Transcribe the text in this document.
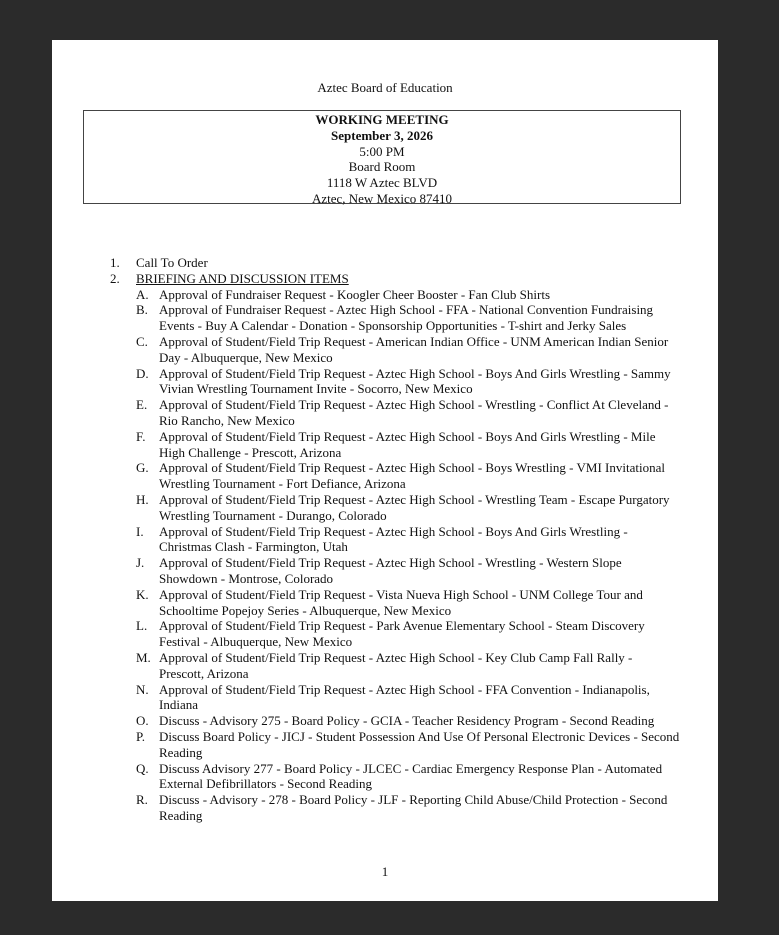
Aztec Board of Education
WORKING MEETING
September 3, 2026
5:00 PM
Board Room
1118 W Aztec BLVD
Aztec, New Mexico 87410
1.	Call To Order
2.	BRIEFING AND DISCUSSION ITEMS
A. Approval of Fundraiser Request - Koogler Cheer Booster - Fan Club Shirts
B. Approval of Fundraiser Request - Aztec High School - FFA - National Convention Fundraising Events - Buy A Calendar - Donation - Sponsorship Opportunities - T-shirt and Jerky Sales
C. Approval of Student/Field Trip Request - American Indian Office - UNM American Indian Senior Day - Albuquerque, New Mexico
D. Approval of Student/Field Trip Request - Aztec High School - Boys And Girls Wrestling - Sammy Vivian Wrestling Tournament Invite - Socorro, New Mexico
E. Approval of Student/Field Trip Request - Aztec High School - Wrestling - Conflict At Cleveland - Rio Rancho, New Mexico
F.	Approval of Student/Field Trip Request - Aztec High School - Boys And Girls Wrestling - Mile High Challenge - Prescott, Arizona
G. Approval of Student/Field Trip Request - Aztec High School - Boys Wrestling - VMI Invitational Wrestling Tournament - Fort Defiance, Arizona
H. Approval of Student/Field Trip Request - Aztec High School - Wrestling Team - Escape Purgatory Wrestling Tournament - Durango, Colorado
I.	Approval of Student/Field Trip Request - Aztec High School - Boys And Girls Wrestling - Christmas Clash - Farmington, Utah
J.	Approval of Student/Field Trip Request - Aztec High School - Wrestling - Western Slope Showdown - Montrose, Colorado
K. Approval of Student/Field Trip Request - Vista Nueva High School - UNM College Tour and Schooltime Popejoy Series - Albuquerque, New Mexico
L. Approval of Student/Field Trip Request - Park Avenue Elementary School - Steam Discovery Festival - Albuquerque, New Mexico
M. Approval of Student/Field Trip Request - Aztec High School - Key Club Camp Fall Rally - Prescott, Arizona
N. Approval of Student/Field Trip Request - Aztec High School - FFA Convention - Indianapolis, Indiana
O. Discuss - Advisory 275 - Board Policy - GCIA - Teacher Residency Program - Second Reading
P.	Discuss Board Policy - JICJ - Student Possession And Use Of Personal Electronic Devices - Second Reading
Q. Discuss Advisory 277 - Board Policy - JLCEC - Cardiac Emergency Response Plan - Automated External Defibrillators - Second Reading
R. Discuss - Advisory - 278 - Board Policy - JLF - Reporting Child Abuse/Child Protection - Second Reading
1
